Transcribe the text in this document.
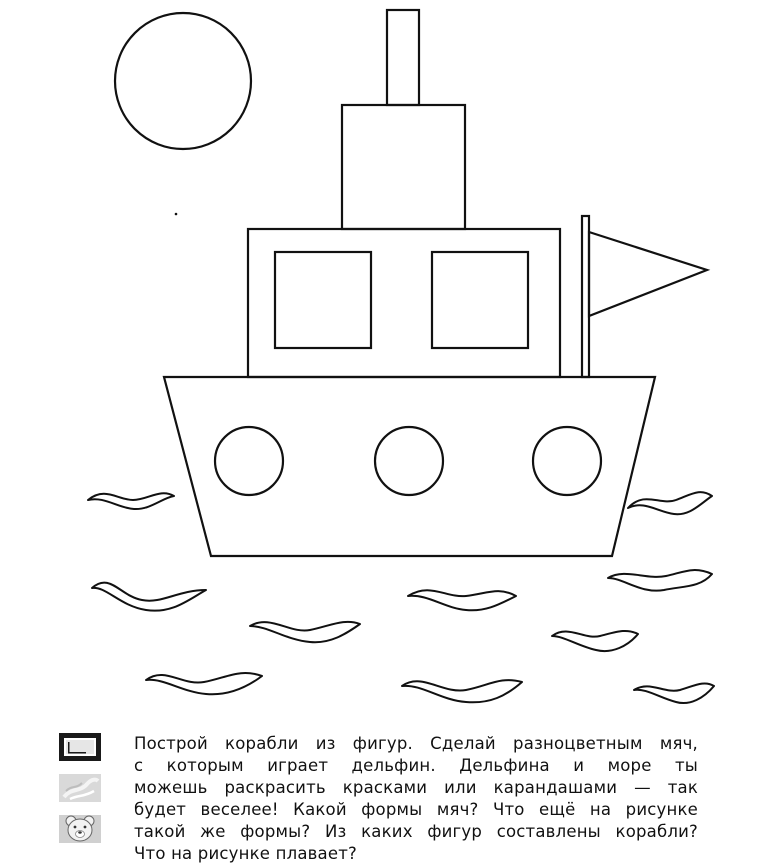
Построй корабли из фигур. Сделай разноцветным мяч,

с которым играет дельфин. Дельфина и море ты

можешь раскрасить красками или карандашами — так

будет веселее! Какой формы мяч? Что ещё на рисунке

такой же формы? Из каких фигур составлены корабли?

Что на рисунке плавает?
